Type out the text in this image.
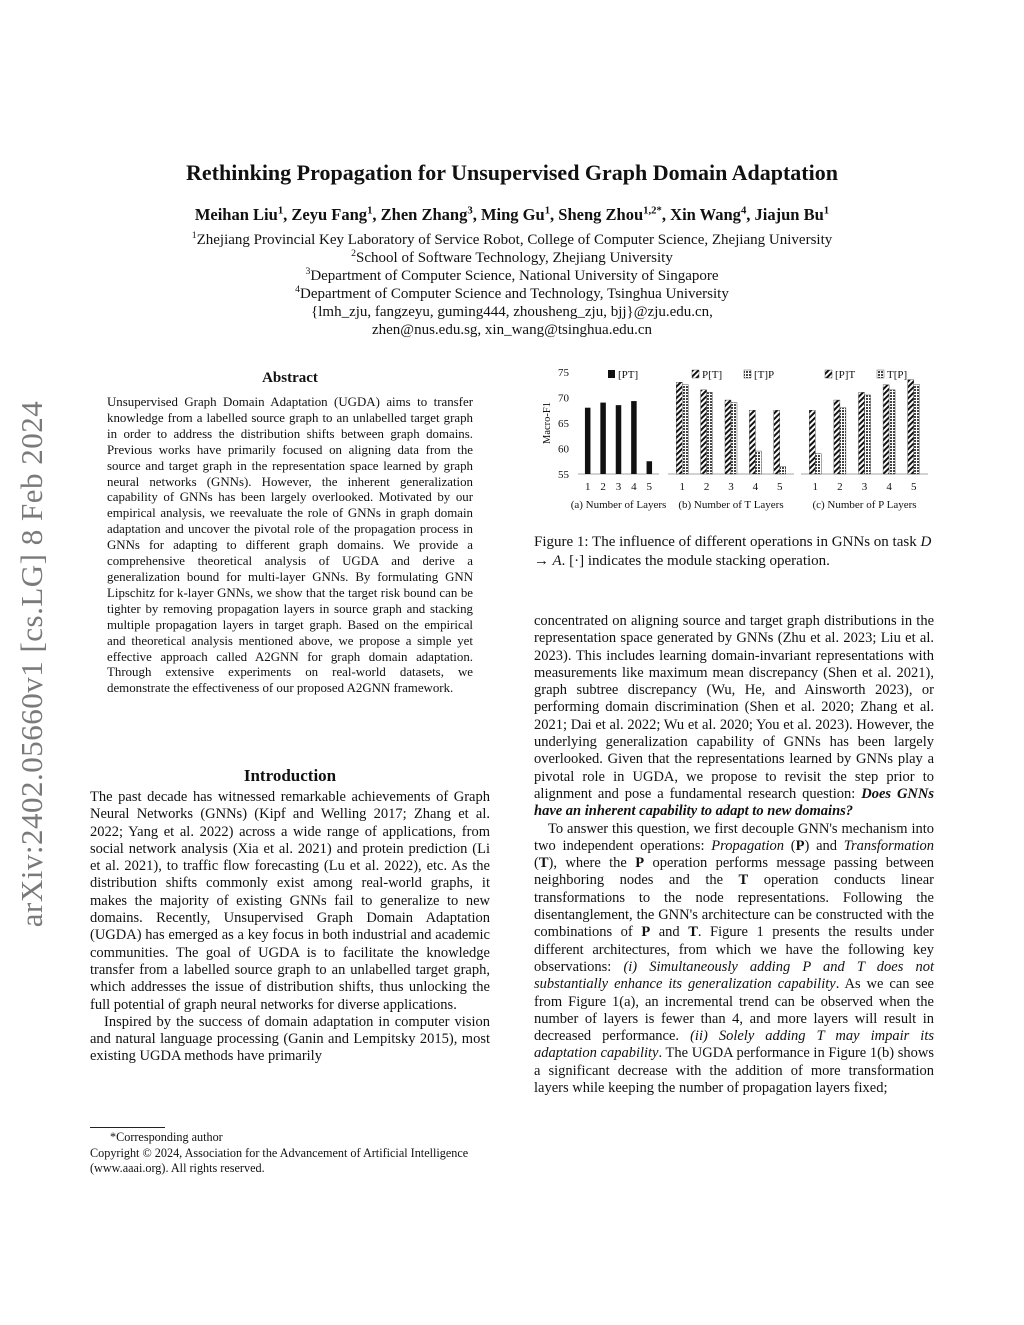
arXiv:2402.05660v1 [cs.LG] 8 Feb 2024
Rethinking Propagation for Unsupervised Graph Domain Adaptation
Meihan Liu$^1$, Zeyu Fang$^1$, Zhen Zhang$^3$, Ming Gu$^1$, Sheng Zhou$^{1,2*}$, Xin Wang$^4$, Jiajun Bu$^1$
$^1$Zhejiang Provincial Key Laboratory of Service Robot, College of Computer Science, Zhejiang University
$^2$School of Software Technology, Zhejiang University
$^3$Department of Computer Science, National University of Singapore
$^4$Department of Computer Science and Technology, Tsinghua University
{lmh_zju, fangzeyu, guming444, zhousheng_zju, bjj}@zju.edu.cn,
zhen@nus.edu.sg, xin_wang@tsinghua.edu.cn
Abstract
Unsupervised Graph Domain Adaptation (UGDA) aims to transfer knowledge from a labelled source graph to an unlabelled target graph in order to address the distribution shifts between graph domains. Previous works have primarily focused on aligning data from the source and target graph in the representation space learned by graph neural networks (GNNs). However, the inherent generalization capability of GNNs has been largely overlooked. Motivated by our empirical analysis, we reevaluate the role of GNNs in graph domain adaptation and uncover the pivotal role of the propagation process in GNNs for adapting to different graph domains. We provide a comprehensive theoretical analysis of UGDA and derive a generalization bound for multi-layer GNNs. By formulating GNN Lipschitz for k-layer GNNs, we show that the target risk bound can be tighter by removing propagation layers in source graph and stacking multiple propagation layers in target graph. Based on the empirical and theoretical analysis mentioned above, we propose a simple yet effective approach called A2GNN for graph domain adaptation. Through extensive experiments on real-world datasets, we demonstrate the effectiveness of our proposed A2GNN framework.
Introduction

The past decade has witnessed remarkable achievements of Graph Neural Networks (GNNs) (Kipf and Welling 2017; Zhang et al. 2022; Yang et al. 2022) across a wide range of applications, from social network analysis (Xia et al. 2021) and protein prediction (Li et al. 2021), to traffic flow forecasting (Lu et al. 2022), etc. As the distribution shifts commonly exist among real-world graphs, it makes the majority of existing GNNs fail to generalize to new domains. Recently, Unsupervised Graph Domain Adaptation (UGDA) has emerged as a key focus in both industrial and academic communities. The goal of UGDA is to facilitate the knowledge transfer from a labelled source graph to an unlabelled target graph, which addresses the issue of distribution shifts, thus unlocking the full potential of graph neural networks for diverse applications.

Inspired by the success of domain adaptation in computer vision and natural language processing (Ganin and Lempitsky 2015), most existing UGDA methods have primarily

*Corresponding author
Copyright © 2024, Association for the Advancement of Artificial Intelligence (www.aaai.org). All rights reserved.
55
60
65
70
75
Macro-F1
1 2 3 4 5
(a) Number of Layers
[PT]
1 2 3 4 5
(b) Number of T Layers
P[T]	[T]P
1 2 3 4 5
(c) Number of P Layers
[P]T	T[P]
Figure 1: The influence of different operations in GNNs on task D → A. [·] indicates the module stacking operation.

concentrated on aligning source and target graph distributions in the representation space generated by GNNs (Zhu et al. 2023; Liu et al. 2023). This includes learning domain-invariant representations with measurements like maximum mean discrepancy (Shen et al. 2021), graph subtree discrepancy (Wu, He, and Ainsworth 2023), or performing domain discrimination (Shen et al. 2020; Zhang et al. 2021; Dai et al. 2022; Wu et al. 2020; You et al. 2023). However, the underlying generalization capability of GNNs has been largely overlooked. Given that the representations learned by GNNs play a pivotal role in UGDA, we propose to revisit the step prior to alignment and pose a fundamental research question: Does GNNs have an inherent capability to adapt to new domains?

To answer this question, we first decouple GNN's mechanism into two independent operations: Propagation (P) and Transformation (T), where the P operation performs message passing between neighboring nodes and the T operation conducts linear transformations to the node representations. Following the disentanglement, the GNN's architecture can be constructed with the combinations of P and T. Figure 1 presents the results under different architectures, from which we have the following key observations: (i) Simultaneously adding P and T does not substantially enhance its generalization capability. As we can see from Figure 1(a), an incremental trend can be observed when the number of layers is fewer than 4, and more layers will result in decreased performance. (ii) Solely adding T may impair its adaptation capability. The UGDA performance in Figure 1(b) shows a significant decrease with the addition of more transformation layers while keeping the number of propagation layers fixed;
